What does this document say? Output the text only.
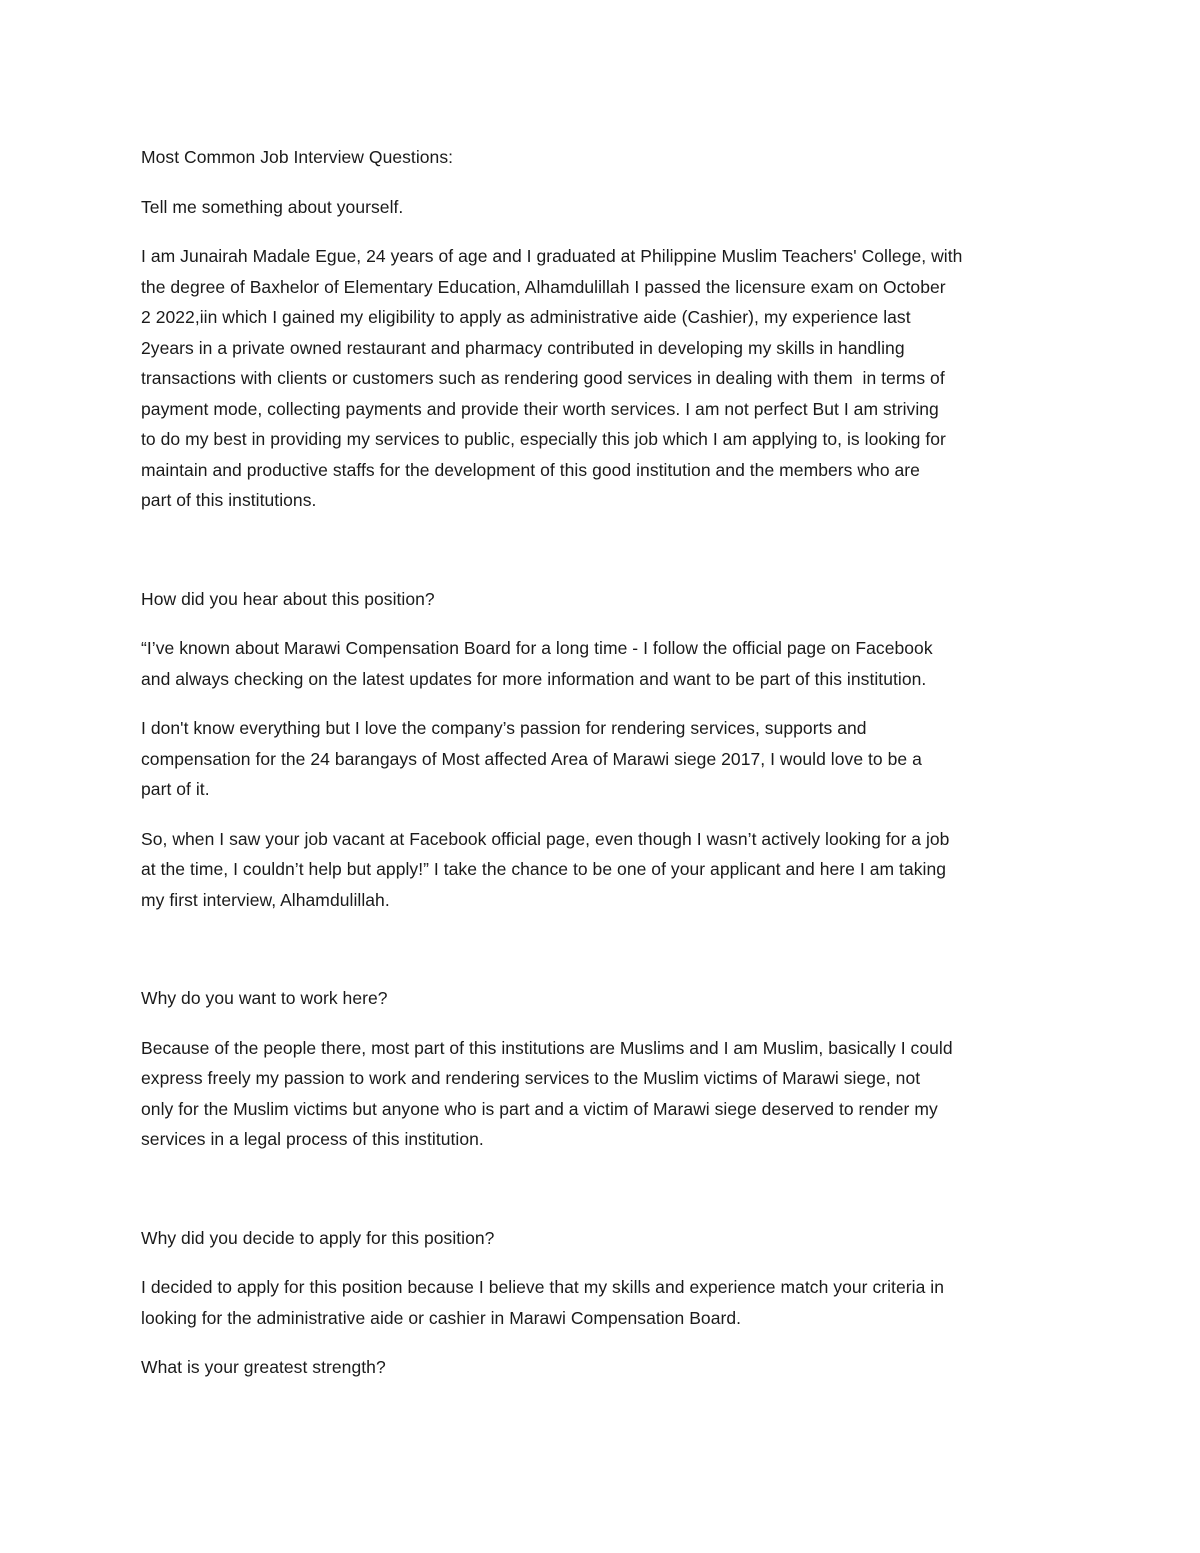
Most Common Job Interview Questions:

Tell me something about yourself.

I am Junairah Madale Egue, 24 years of age and I graduated at Philippine Muslim Teachers' College, with
the degree of Baxhelor of Elementary Education, Alhamdulillah I passed the licensure exam on October
2 2022,iin which I gained my eligibility to apply as administrative aide (Cashier), my experience last
2years in a private owned restaurant and pharmacy contributed in developing my skills in handling
transactions with clients or customers such as rendering good services in dealing with them  in terms of
payment mode, collecting payments and provide their worth services. I am not perfect But I am striving
to do my best in providing my services to public, especially this job which I am applying to, is looking for
maintain and productive staffs for the development of this good institution and the members who are
part of this institutions.

How did you hear about this position?

“I’ve known about Marawi Compensation Board for a long time - I follow the official page on Facebook
and always checking on the latest updates for more information and want to be part of this institution.

I don't know everything but I love the company’s passion for rendering services, supports and
compensation for the 24 barangays of Most affected Area of Marawi siege 2017, I would love to be a
part of it.

So, when I saw your job vacant at Facebook official page, even though I wasn’t actively looking for a job
at the time, I couldn’t help but apply!” I take the chance to be one of your applicant and here I am taking
my first interview, Alhamdulillah.

Why do you want to work here?

Because of the people there, most part of this institutions are Muslims and I am Muslim, basically I could
express freely my passion to work and rendering services to the Muslim victims of Marawi siege, not
only for the Muslim victims but anyone who is part and a victim of Marawi siege deserved to render my
services in a legal process of this institution.

Why did you decide to apply for this position?

I decided to apply for this position because I believe that my skills and experience match your criteria in
looking for the administrative aide or cashier in Marawi Compensation Board.

What is your greatest strength?
